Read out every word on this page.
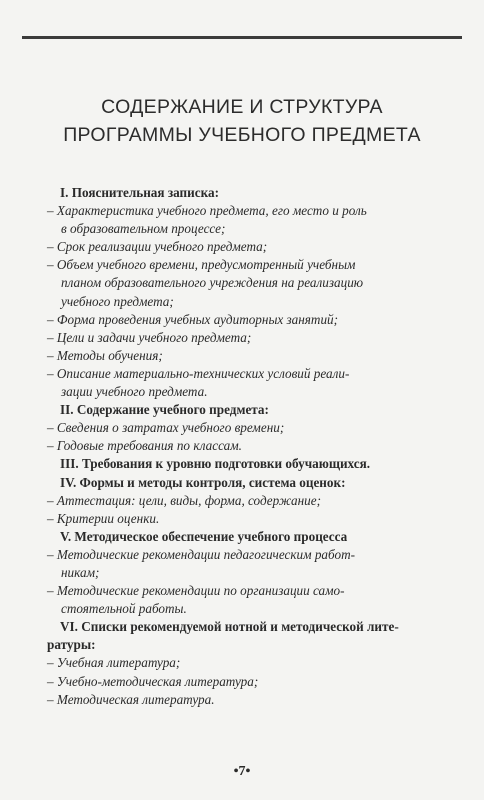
СОДЕРЖАНИЕ И СТРУКТУРА
ПРОГРАММЫ УЧЕБНОГО ПРЕДМЕТА
I. Пояснительная записка:
– Характеристика учебного предмета, его место и роль
в образовательном процессе;
– Срок реализации учебного предмета;
– Объем учебного времени, предусмотренный учебным
планом образовательного учреждения на реализацию
учебного предмета;
– Форма проведения учебных аудиторных занятий;
– Цели и задачи учебного предмета;
– Методы обучения;
– Описание материально-технических условий реали-
зации учебного предмета.
II. Содержание учебного предмета:
– Сведения о затратах учебного времени;
– Годовые требования по классам.
III. Требования к уровню подготовки обучающихся.
IV. Формы и методы контроля, система оценок:
– Аттестация: цели, виды, форма, содержание;
– Критерии оценки.
V. Методическое обеспечение учебного процесса
– Методические рекомендации педагогическим работ-
никам;
– Методические рекомендации по организации само-
стоятельной работы.
VI. Списки рекомендуемой нотной и методической лите-
ратуры:
– Учебная литература;
– Учебно-методическая литература;
– Методическая литература.
•7•
